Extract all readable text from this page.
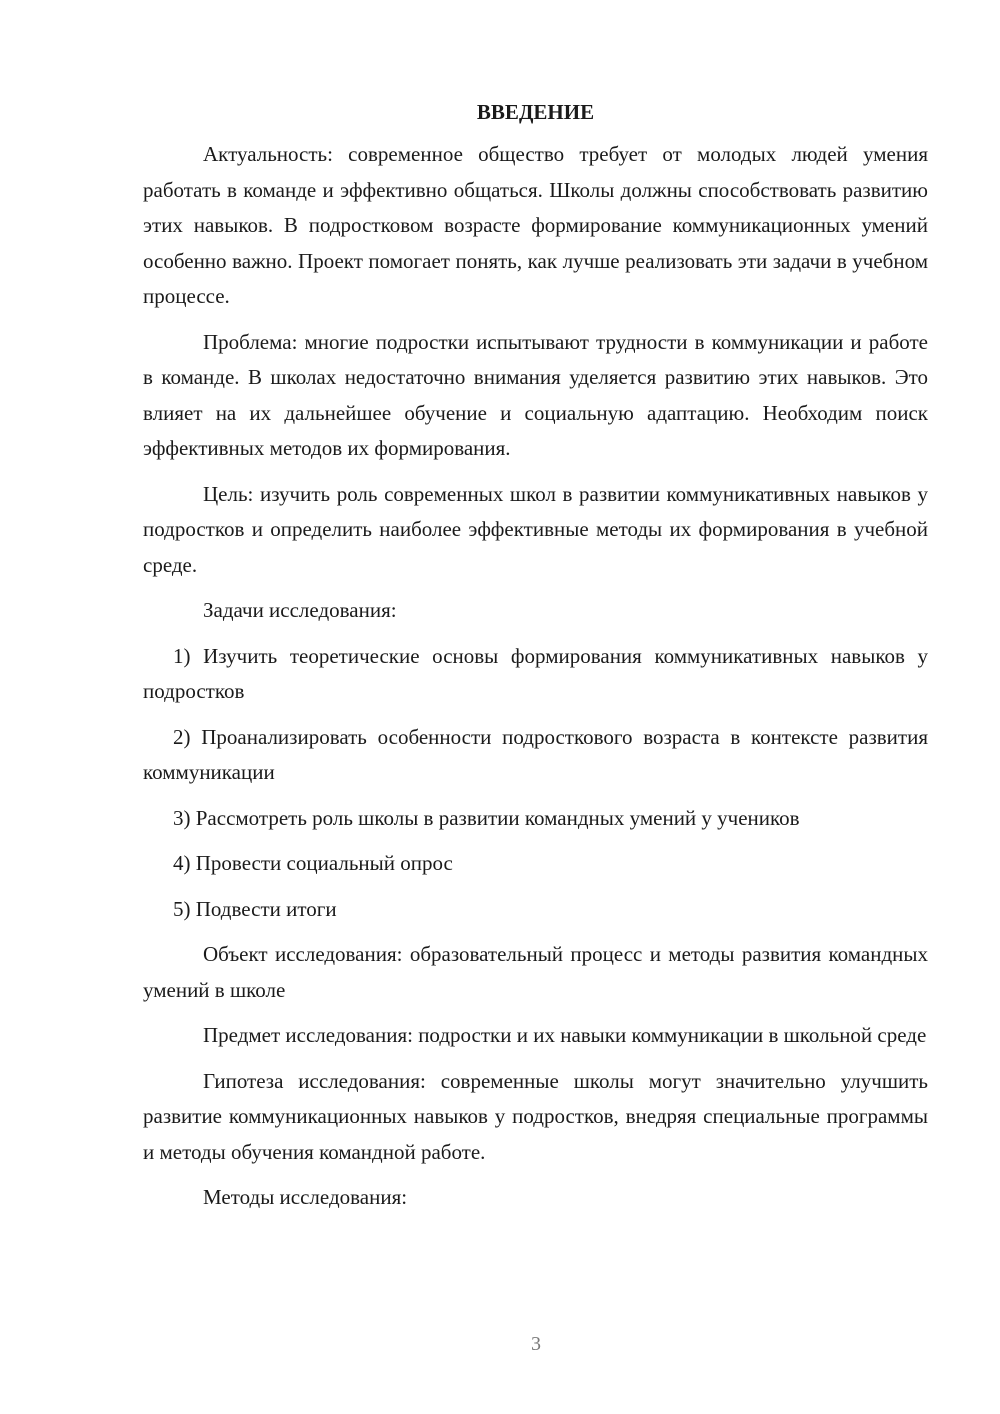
ВВЕДЕНИЕ

Актуальность: современное общество требует от молодых людей умения работать в команде и эффективно общаться. Школы должны способствовать развитию этих навыков. В подростковом возрасте формирование коммуникационных умений особенно важно. Проект помогает понять, как лучше реализовать эти задачи в учебном процессе.

Проблема: многие подростки испытывают трудности в коммуникации и работе в команде. В школах недостаточно внимания уделяется развитию этих навыков. Это влияет на их дальнейшее обучение и социальную адаптацию. Необходим поиск эффективных методов их формирования.

Цель: изучить роль современных школ в развитии коммуникативных навыков у подростков и определить наиболее эффективные методы их формирования в учебной среде.

Задачи исследования:

1) Изучить теоретические основы формирования коммуникативных навыков у подростков

2) Проанализировать особенности подросткового возраста в контексте развития коммуникации

3) Рассмотреть роль школы в развитии командных умений у учеников

4) Провести социальный опрос

5) Подвести итоги

Объект исследования: образовательный процесс и методы развития командных умений в школе

Предмет исследования: подростки и их навыки коммуникации в школьной среде

Гипотеза исследования: современные школы могут значительно улучшить развитие коммуникационных навыков у подростков, внедряя специальные программы и методы обучения командной работе.

Методы исследования:

3
